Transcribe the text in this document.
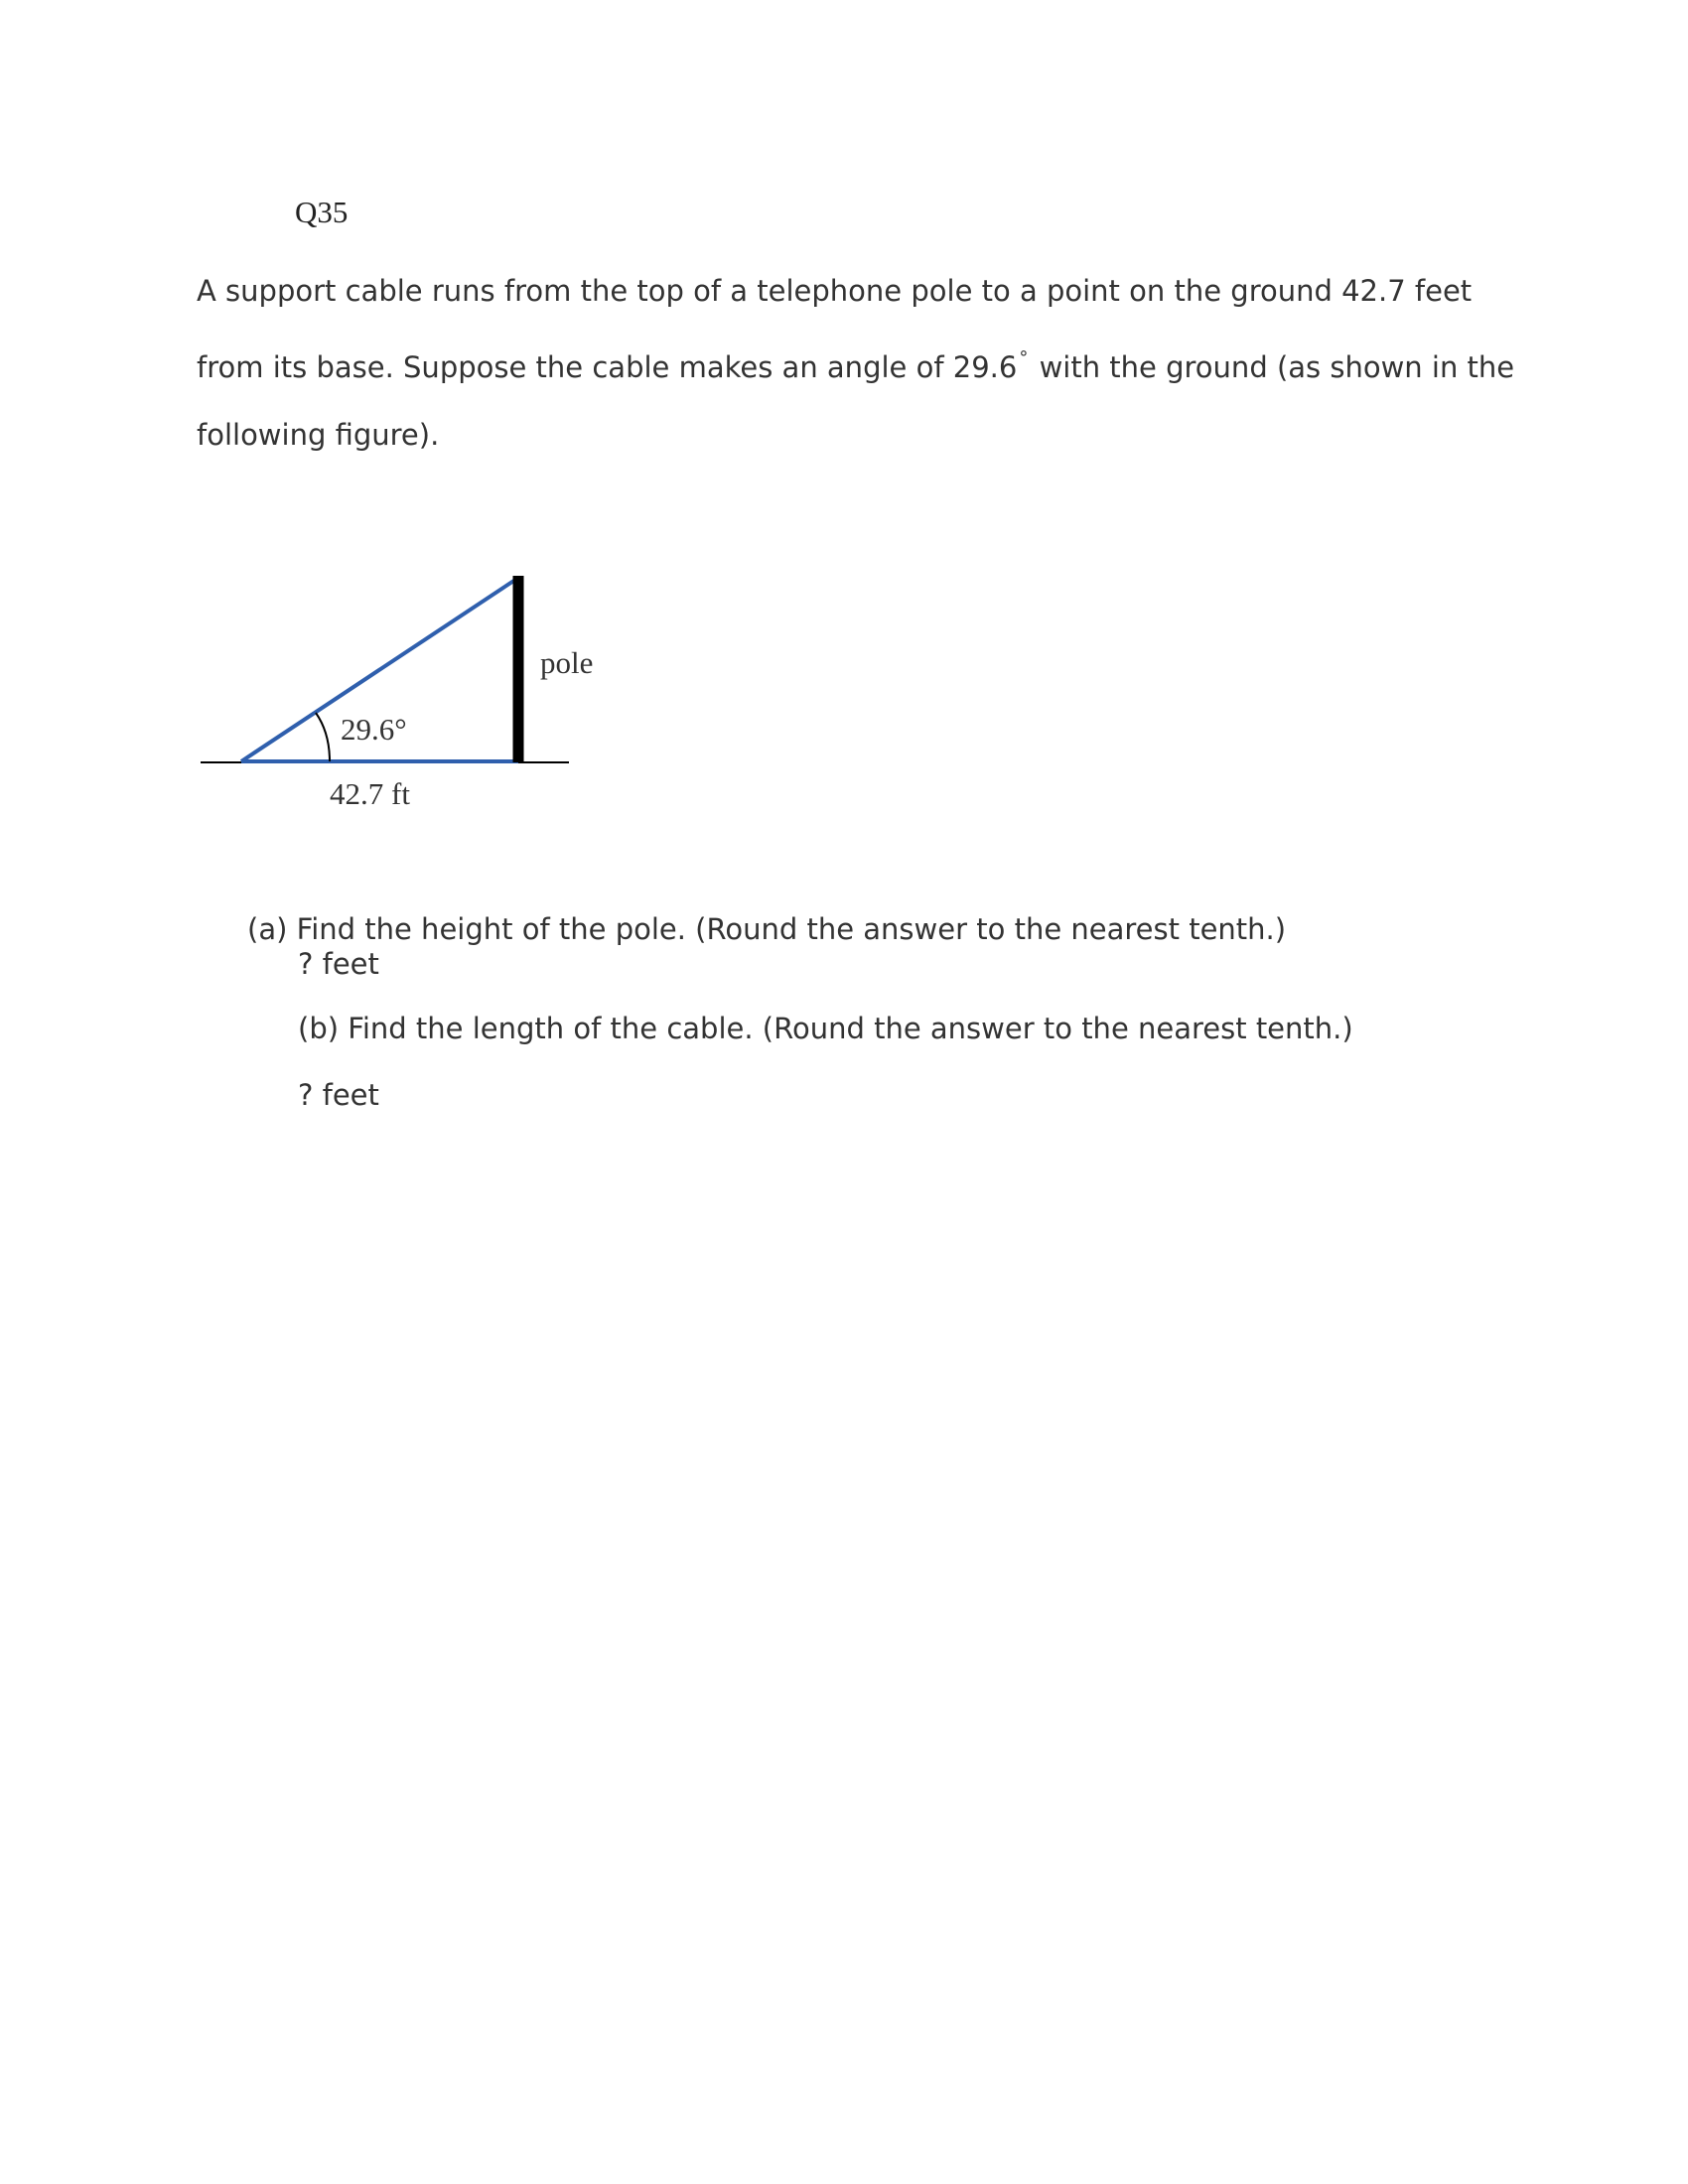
Q35
A support cable runs from the top of a telephone pole to a point on the ground 42.7 feet
from its base. Suppose the cable makes an angle of 29.6 ° with the ground (as shown in the
following figure).
pole
29.6°
42.7 ft
(a) Find the height of the pole. (Round the answer to the nearest tenth.)
? feet
(b) Find the length of the cable. (Round the answer to the nearest tenth.)
? feet
